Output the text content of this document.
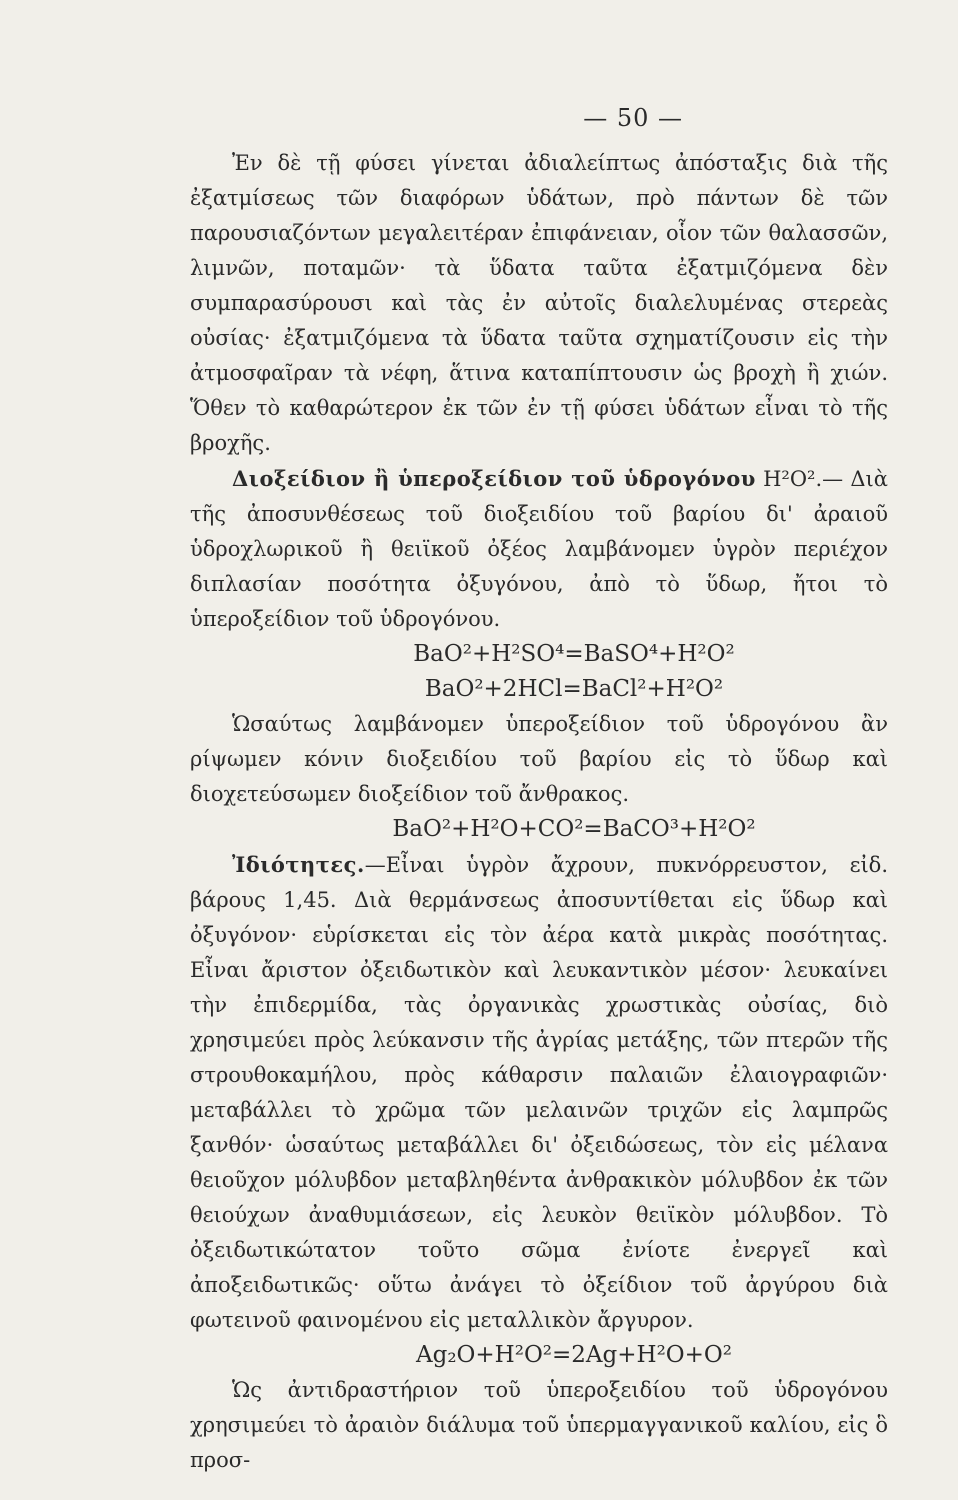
— 50 —

Ἐν δὲ τῇ φύσει γίνεται ἀδιαλείπτως ἀπόσταξις διὰ τῆς ἐξατμίσεως τῶν διαφόρων ὑδάτων, πρὸ πάντων δὲ τῶν παρουσιαζόντων μεγαλειτέραν ἐπιφάνειαν, οἷον τῶν θαλασσῶν, λιμνῶν, ποταμῶν· τὰ ὕδατα ταῦτα ἐξατμιζόμενα δὲν συμπαρασύρουσι καὶ τὰς ἐν αὐτοῖς διαλελυμένας στερεὰς οὐσίας· ἐξατμιζόμενα τὰ ὕδατα ταῦτα σχηματίζουσιν εἰς τὴν ἀτμοσφαῖραν τὰ νέφη, ἅτινα καταπίπτουσιν ὡς βροχὴ ἢ χιών. Ὅθεν τὸ καθαρώτερον ἐκ τῶν ἐν τῇ φύσει ὑδάτων εἶναι τὸ τῆς βροχῆς.

Διοξείδιον ἢ ὑπεροξείδιον τοῦ ὑδρογόνου H²O².— Διὰ τῆς ἀποσυνθέσεως τοῦ διοξειδίου τοῦ βαρίου δι' ἀραιοῦ ὑδροχλωρικοῦ ἢ θειϊκοῦ ὀξέος λαμβάνομεν ὑγρὸν περιέχον διπλασίαν ποσότητα ὀξυγόνου, ἀπὸ τὸ ὕδωρ, ἤτοι τὸ ὑπεροξείδιον τοῦ ὑδρογόνου.

BaO²+H²SO⁴=BaSO⁴+H²O²

BaO²+2HCl=BaCl²+H²O²

Ὡσαύτως λαμβάνομεν ὑπεροξείδιον τοῦ ὑδρογόνου ἂν ρίψωμεν κόνιν διοξειδίου τοῦ βαρίου εἰς τὸ ὕδωρ καὶ διοχετεύσωμεν διοξείδιον τοῦ ἄνθρακος.

BaO²+H²O+CO²=BaCO³+H²O²

Ἰδιότητες.—Εἶναι ὑγρὸν ἄχρουν, πυκνόρρευστον, εἰδ. βάρους 1,45. Διὰ θερμάνσεως ἀποσυντίθεται εἰς ὕδωρ καὶ ὀξυγόνον· εὑρίσκεται εἰς τὸν ἀέρα κατὰ μικρὰς ποσότητας. Εἶναι ἄριστον ὀξειδωτικὸν καὶ λευκαντικὸν μέσον· λευκαίνει τὴν ἐπιδερμίδα, τὰς ὀργανικὰς χρωστικὰς οὐσίας, διὸ χρησιμεύει πρὸς λεύκανσιν τῆς ἀγρίας μετάξης, τῶν πτερῶν τῆς στρουθοκαμήλου, πρὸς κάθαρσιν παλαιῶν ἐλαιογραφιῶν· μεταβάλλει τὸ χρῶμα τῶν μελαινῶν τριχῶν εἰς λαμπρῶς ξανθόν· ὡσαύτως μεταβάλλει δι' ὀξειδώσεως, τὸν εἰς μέλανα θειοῦχον μόλυβδον μεταβληθέντα ἀνθρακικὸν μόλυβδον ἐκ τῶν θειούχων ἀναθυμιάσεων, εἰς λευκὸν θειϊκὸν μόλυβδον. Τὸ ὀξειδωτικώτατον τοῦτο σῶμα ἐνίοτε ἐνεργεῖ καὶ ἀποξειδωτικῶς· οὕτω ἀνάγει τὸ ὀξείδιον τοῦ ἀργύρου διὰ φωτεινοῦ φαινομένου εἰς μεταλλικὸν ἄργυρον.

Ag₂O+H²O²=2Ag+H²O+O²

Ὡς ἀντιδραστήριον τοῦ ὑπεροξειδίου τοῦ ὑδρογόνου χρησιμεύει τὸ ἀραιὸν διάλυμα τοῦ ὑπερμαγγανικοῦ καλίου, εἰς ὃ προσ-
